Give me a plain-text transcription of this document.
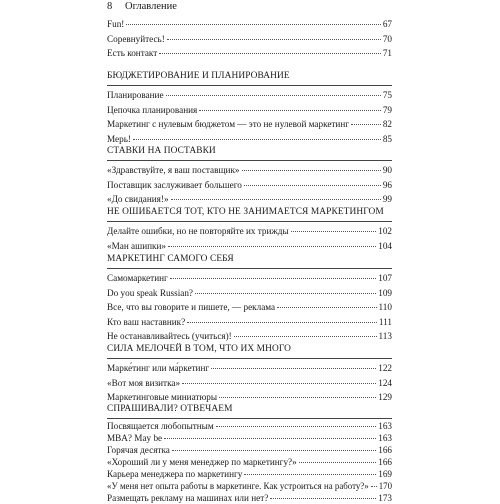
8 Оглавление
Fun!	67
Соревнуйтесь!	70
Есть контакт	71
БЮДЖЕТИРОВАНИЕ И ПЛАНИРОВАНИЕ
Планирование	75
Цепочка планирования	79
Маркетинг с нулевым бюджетом — это не нулевой маркетинг	82
Мерь!	85
СТАВКИ НА ПОСТАВКИ
«Здравствуйте, я ваш поставщик»	90
Поставщик заслуживает большего	96
«До свидания!»	99
НЕ ОШИБАЕТСЯ ТОТ, КТО НЕ ЗАНИМАЕТСЯ МАРКЕТИНГОМ
Делайте ошибки, но не повторяйте их трижды	102
«Ман ашипки»	104
МАРКЕТИНГ САМОГО СЕБЯ
Самомаркетинг	107
Do you speak Russian?	109
Все, что вы говорите и пишете, — реклама	110
Кто ваш наставник?	111
Не останавливайтесь (учиться)!	113
СИЛА МЕЛОЧЕЙ В ТОМ, ЧТО ИХ МНОГО
Марке́тинг или ма́ркетинг	122
«Вот моя визитка»	124
Маркетинговые миниатюры	129
СПРАШИВАЛИ? ОТВЕЧАЕМ
Посвящается любопытным	163
MBA? May be	163
Горячая десятка	166
«Хороший ли у меня менеджер по маркетингу?»	166
Карьера менеджера по маркетингу	169
«У меня нет опыта работы в маркетинге. Как устроиться на работу?» 170
Размещать рекламу на машинах или нет?	173
